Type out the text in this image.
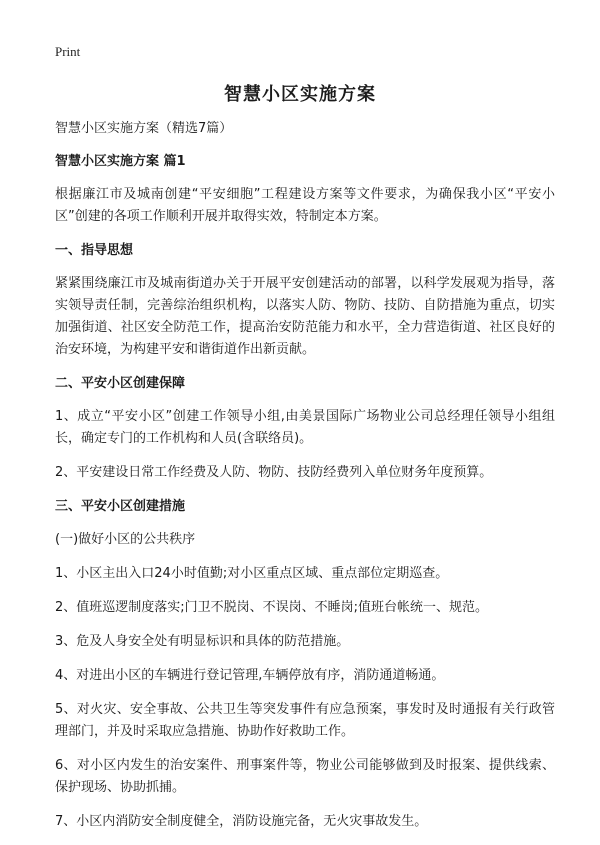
Print
智慧小区实施方案

智慧小区实施方案（精选7篇）

智慧小区实施方案 篇1

根据廉江市及城南创建“平安细胞”工程建设方案等文件要求，为确保我小区“平安小区”创建的各项工作顺利开展并取得实效，特制定本方案。

一、指导思想

紧紧围绕廉江市及城南街道办关于开展平安创建活动的部署，以科学发展观为指导，落实领导责任制，完善综治组织机构，以落实人防、物防、技防、自防措施为重点，切实加强街道、社区安全防范工作，提高治安防范能力和水平，全力营造街道、社区良好的治安环境，为构建平安和谐街道作出新贡献。

二、平安小区创建保障

1、成立“平安小区”创建工作领导小组,由美景国际广场物业公司总经理任领导小组组长，确定专门的工作机构和人员(含联络员)。

2、平安建设日常工作经费及人防、物防、技防经费列入单位财务年度预算。

三、平安小区创建措施

(一)做好小区的公共秩序

1、小区主出入口24小时值勤;对小区重点区域、重点部位定期巡查。

2、值班巡逻制度落实;门卫不脱岗、不误岗、不睡岗;值班台帐统一、规范。

3、危及人身安全处有明显标识和具体的防范措施。

4、对进出小区的车辆进行登记管理,车辆停放有序，消防通道畅通。

5、对火灾、安全事故、公共卫生等突发事件有应急预案，事发时及时通报有关行政管理部门，并及时采取应急措施、协助作好救助工作。

6、对小区内发生的治安案件、刑事案件等，物业公司能够做到及时报案、提供线索、保护现场、协助抓捕。

7、小区内消防安全制度健全，消防设施完备，无火灾事故发生。
